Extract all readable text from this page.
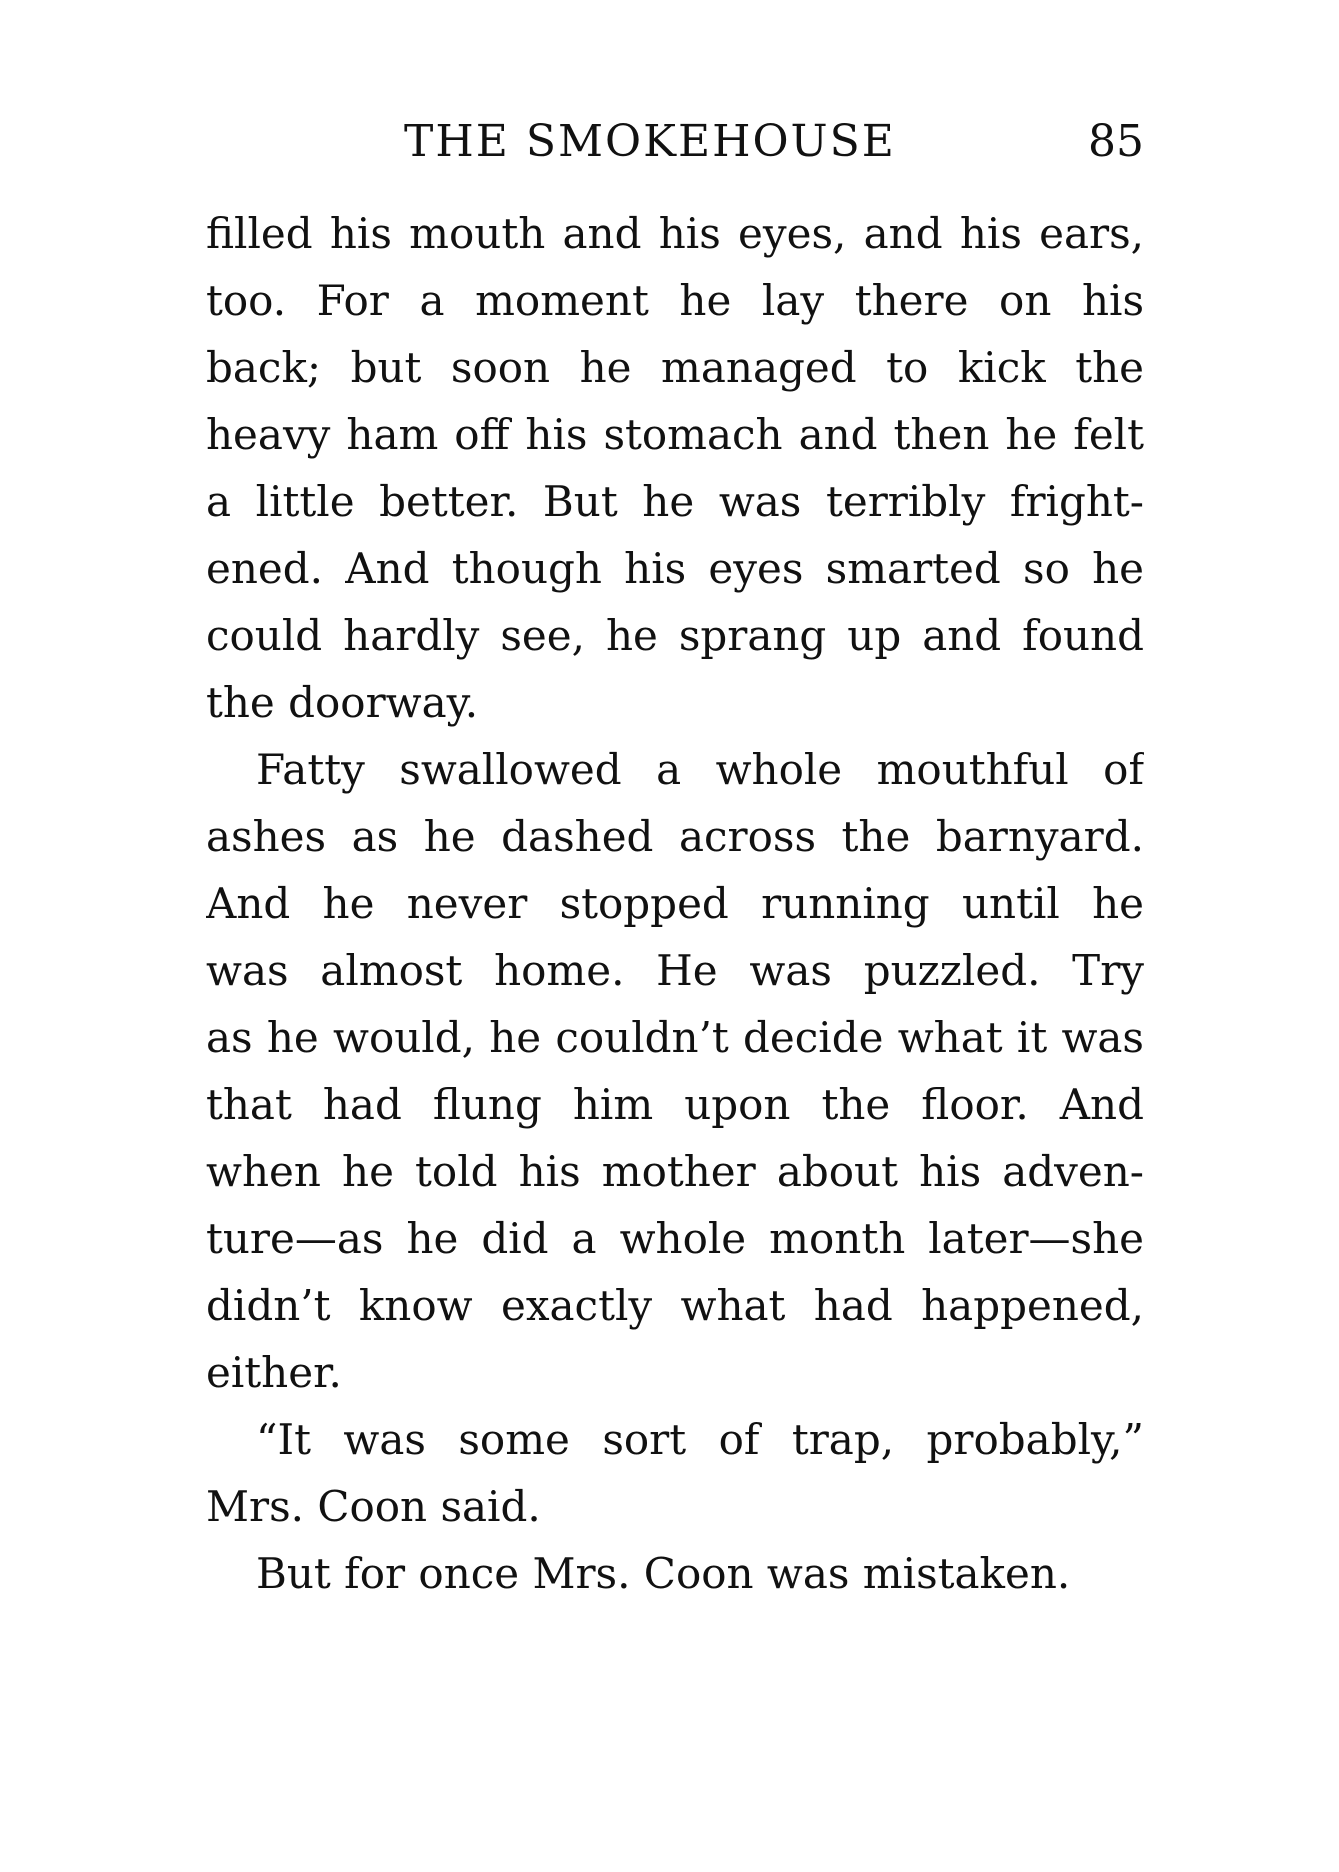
THE SMOKEHOUSE	85
filled his mouth and his eyes, and his ears,
too. For a moment he lay there on his
back; but soon he managed to kick the
heavy ham off his stomach and then he felt
a little better. But he was terribly fright-
ened. And though his eyes smarted so he
could hardly see, he sprang up and found
the doorway.
Fatty swallowed a whole mouthful of
ashes as he dashed across the barnyard.
And he never stopped running until he
was almost home. He was puzzled. Try
as he would, he couldn’t decide what it was
that had flung him upon the floor. And
when he told his mother about his adven-
ture—as he did a whole month later—she
didn’t know exactly what had happened,
either.
“It was some sort of trap, probably,”
Mrs. Coon said.
But for once Mrs. Coon was mistaken.
